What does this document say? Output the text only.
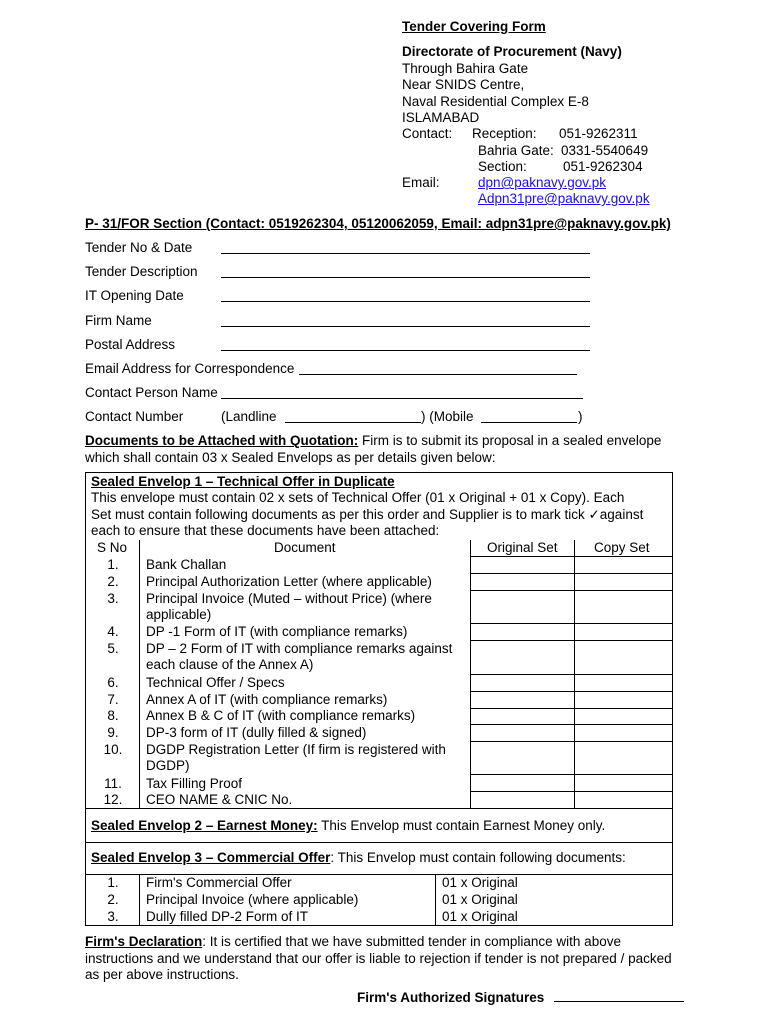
Tender Covering Form
Directorate of Procurement (Navy)
Through Bahira Gate
Near SNIDS Centre,
Naval Residential Complex E-8
ISLAMABAD
Contact: Reception: 051-9262311
Bahria Gate: 0331-5540649
Section:	051-9262304
Email:	dpn@paknavy.gov.pk
Adpn31pre@paknavy.gov.pk
P- 31/FOR Section (Contact: 0519262304, 05120062059, Email: adpn31pre@paknavy.gov.pk)
Tender No & Date
Tender Description
IT Opening Date
Firm Name
Postal Address
Email Address for Correspondence
Contact Person Name
Contact Number	(Landline	) (Mobile	)
Documents to be Attached with Quotation: Firm is to submit its proposal in a sealed envelope
which shall contain 03 x Sealed Envelops as per details given below:
Sealed Envelop 1 – Technical Offer in Duplicate
This envelope must contain 02 x sets of Technical Offer (01 x Original + 01 x Copy). Each
Set must contain following documents as per this order and Supplier is to mark tick ✓against
each to ensure that these documents have been attached:
S No	Document	Original Set	Copy Set
1.	Bank Challan
2.	Principal Authorization Letter (where applicable)
3.	Principal Invoice (Muted – without Price) (where
applicable)
4.	DP -1 Form of IT (with compliance remarks)
5.	DP – 2 Form of IT with compliance remarks against
each clause of the Annex A)
6.	Technical Offer / Specs
7.	Annex A of IT (with compliance remarks)
8.	Annex B & C of IT (with compliance remarks)
9.	DP-3 form of IT (dully filled & signed)
10.	DGDP Registration Letter (If firm is registered with
DGDP)
11.	Tax Filling Proof
12.	CEO NAME & CNIC No.
Sealed Envelop 2 – Earnest Money: This Envelop must contain Earnest Money only.
Sealed Envelop 3 – Commercial Offer: This Envelop must contain following documents:
1.	Firm's Commercial Offer	01 x Original
2.	Principal Invoice (where applicable)	01 x Original
3.	Dully filled DP-2 Form of IT	01 x Original
Firm's Declaration: It is certified that we have submitted tender in compliance with above
instructions and we understand that our offer is liable to rejection if tender is not prepared / packed
as per above instructions.
Firm's Authorized Signatures
